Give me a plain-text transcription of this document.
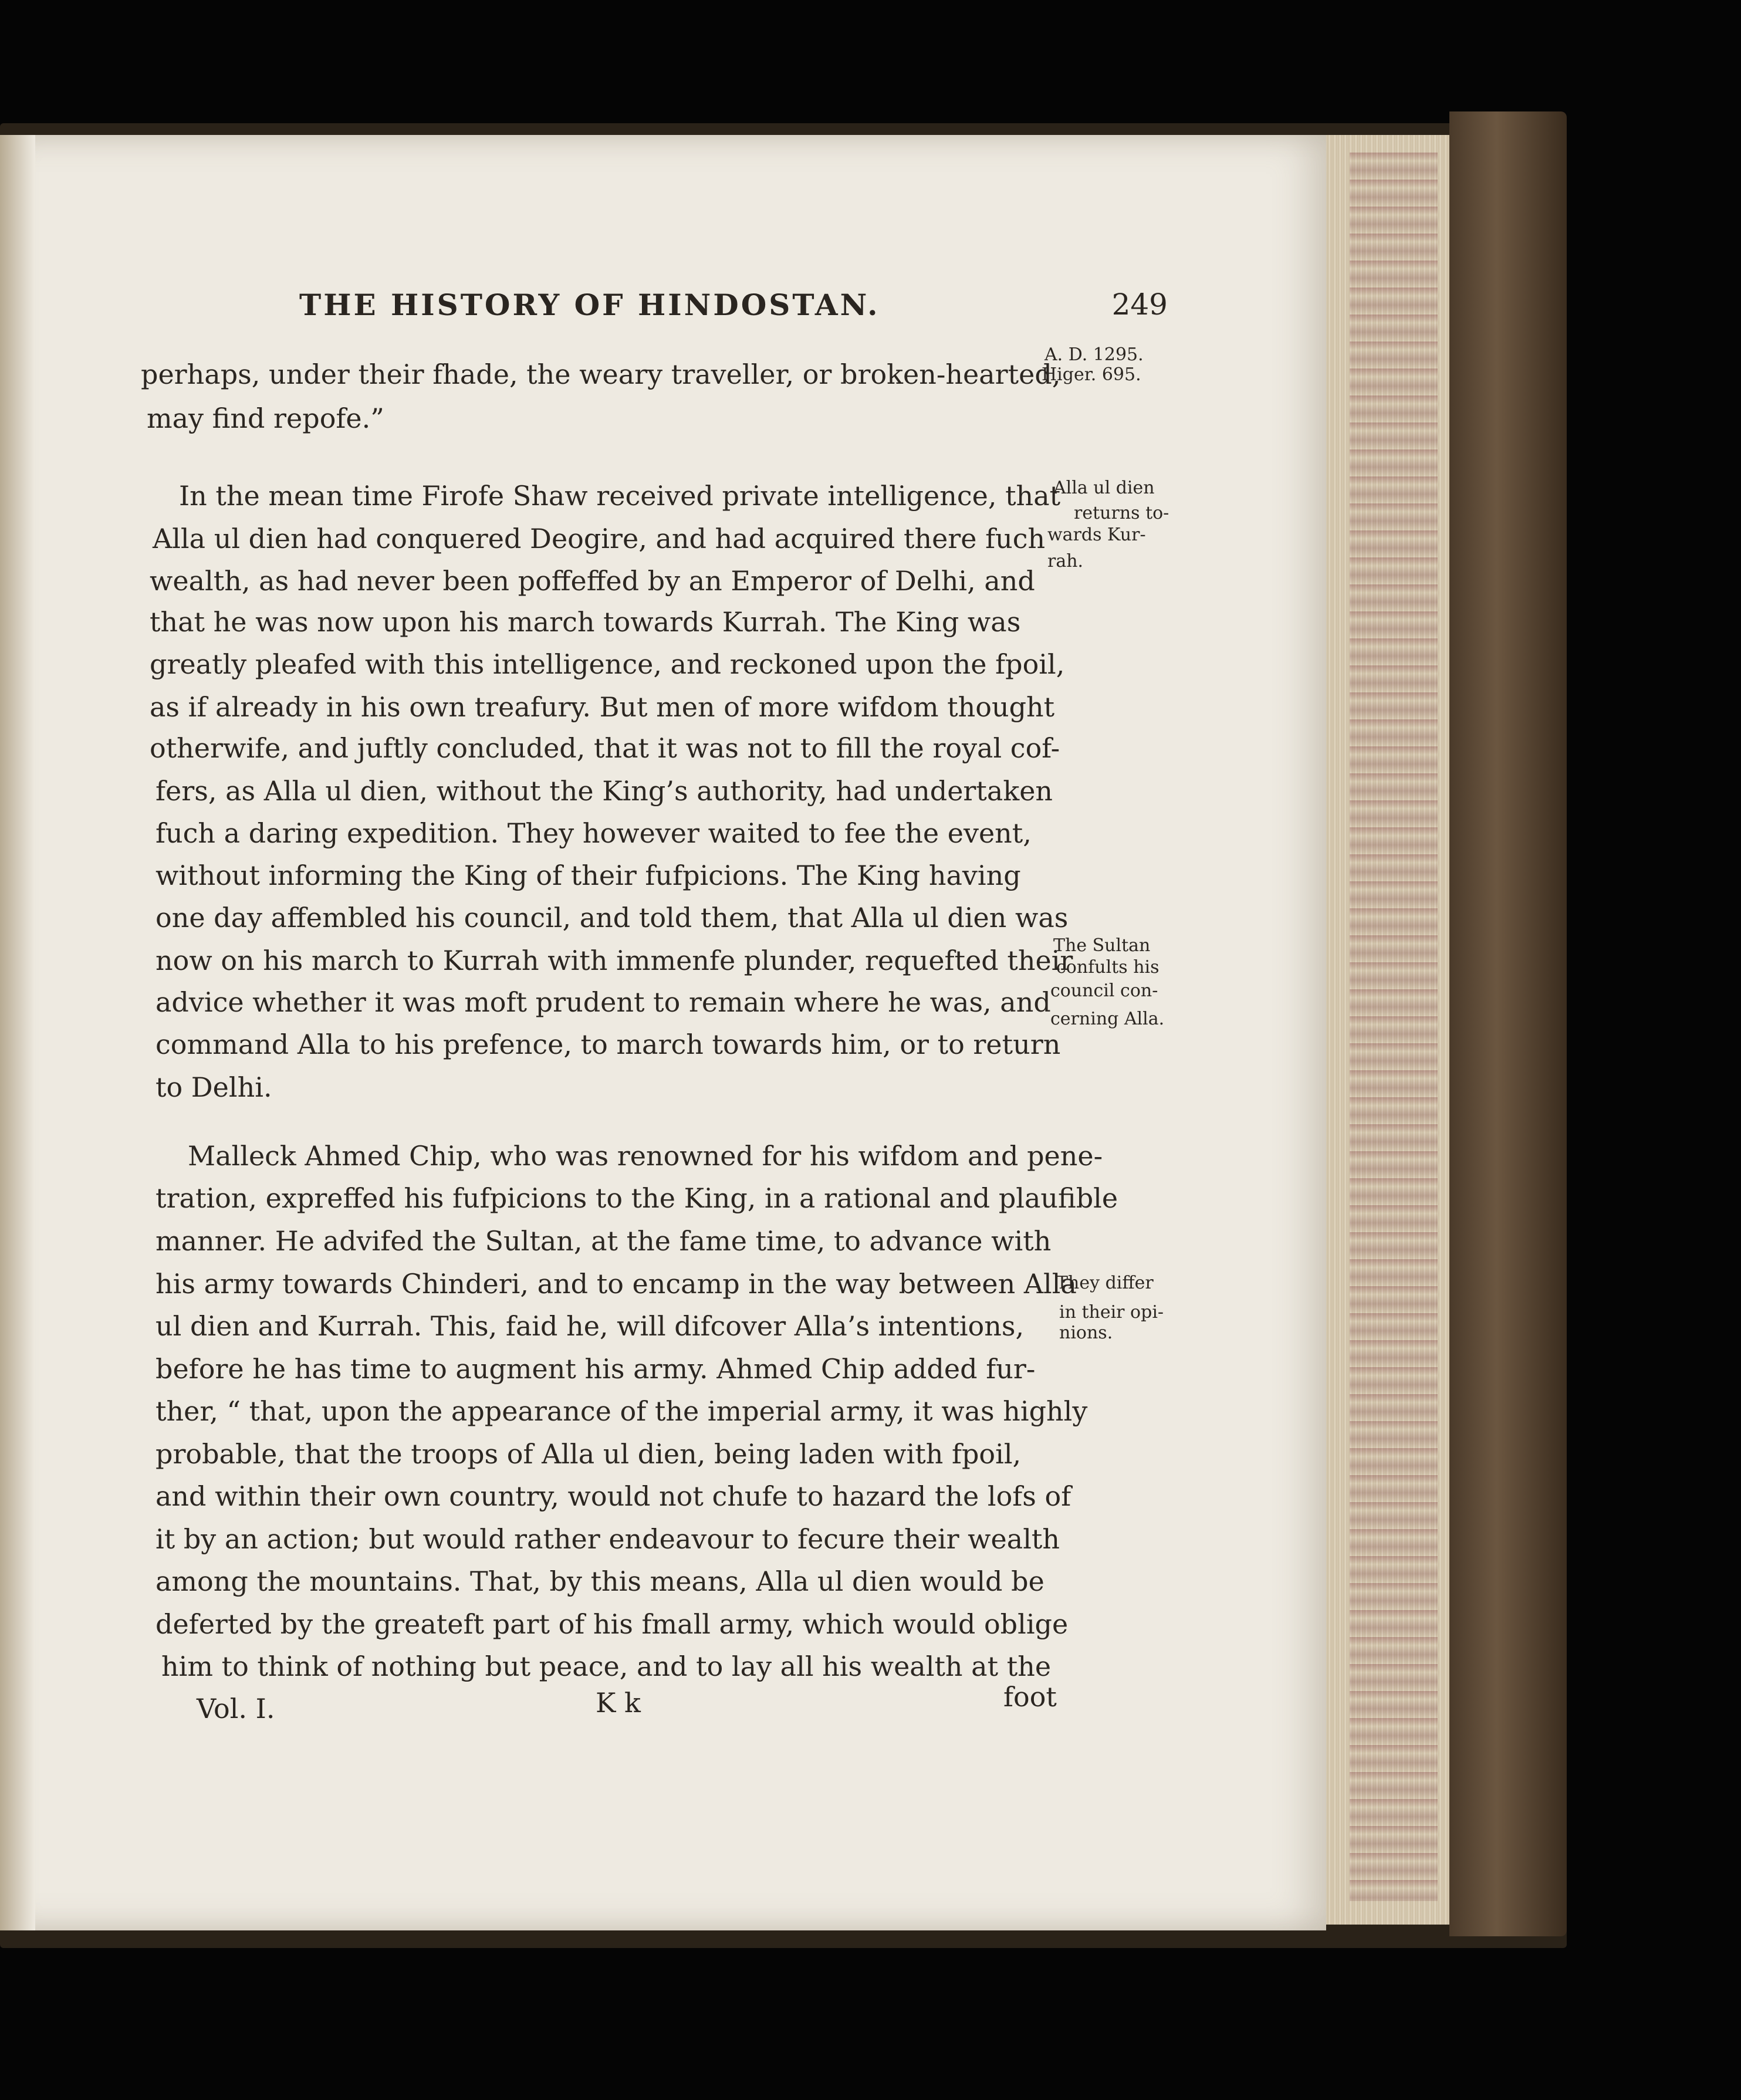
THE HISTORY OF HINDOSTAN.	249
perhaps, under their fhade, the weary traveller, or broken-hearted,
may find repofe.”
In the mean time Firofe Shaw received private intelligence, that
Alla ul dien had conquered Deogire, and had acquired there fuch
wealth, as had never been poffeffed by an Emperor of Delhi, and
that he was now upon his march towards Kurrah. The King was
greatly pleafed with this intelligence, and reckoned upon the fpoil,
as if already in his own treafury. But men of more wifdom thought
otherwife, and juftly concluded, that it was not to fill the royal cof-
fers, as Alla ul dien, without the King’s authority, had undertaken
fuch a daring expedition. They however waited to fee the event,
without informing the King of their fufpicions. The King having
one day affembled his council, and told them, that Alla ul dien was
now on his march to Kurrah with immenfe plunder, requefted their
advice whether it was moft prudent to remain where he was, and
command Alla to his prefence, to march towards him, or to return
to Delhi.
Malleck Ahmed Chip, who was renowned for his wifdom and pene-
tration, expreffed his fufpicions to the King, in a rational and plaufible
manner. He advifed the Sultan, at the fame time, to advance with
his army towards Chinderi, and to encamp in the way between Alla
ul dien and Kurrah. This, faid he, will difcover Alla’s intentions,
before he has time to augment his army. Ahmed Chip added fur-
ther, “ that, upon the appearance of the imperial army, it was highly
probable, that the troops of Alla ul dien, being laden with fpoil,
and within their own country, would not chufe to hazard the lofs of
it by an action; but would rather endeavour to fecure their wealth
among the mountains. That, by this means, Alla ul dien would be
deferted by the greateft part of his fmall army, which would oblige
him to think of nothing but peace, and to lay all his wealth at the
A. D. 1295.
Higer. 695.
Alla ul dien
returns to-
wards Kur-
rah.
The Sultan
confults his
council con-
cerning Alla.
They differ
in their opi-
nions.
Vol. I.	K k	foot
